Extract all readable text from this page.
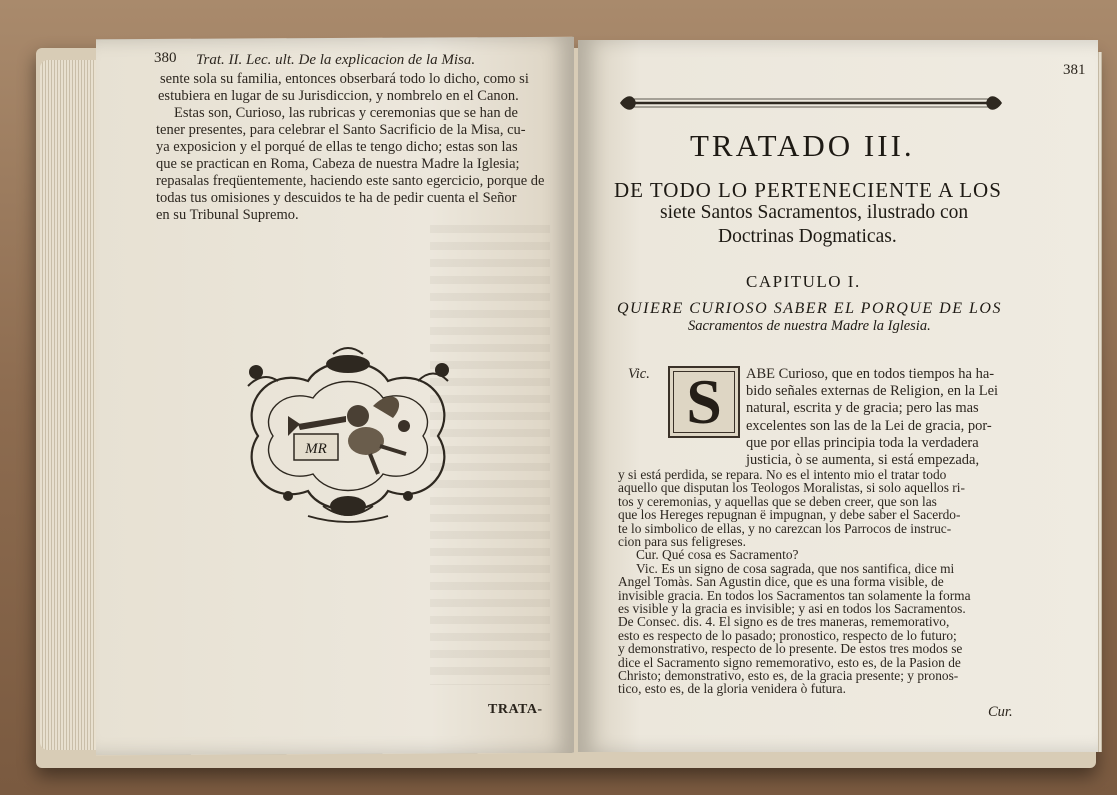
380 Trat. II. Lec. ult. De la explicacion de la Misa.
sente sola su familia, entonces obserbará todo lo dicho, como si
estubiera en lugar de su Jurisdiccion, y nombrelo en el Canon.
Estas son, Curioso, las rubricas y ceremonias que se han de
tener presentes, para celebrar el Santo Sacrificio de la Misa, cu-
ya exposicion y el porqué de ellas te tengo dicho; estas son las
que se practican en Roma, Cabeza de nuestra Madre la Iglesia;
repasalas freqüentemente, haciendo este santo egercicio, porque de
todas tus omisiones y descuidos te ha de pedir cuenta el Señor
en su Tribunal Supremo.
MR
TRATA-
381
TRATADO III.
DE TODO LO PERTENECIENTE A LOS
siete Santos Sacramentos, ilustrado con
Doctrinas Dogmaticas.
CAPITULO I.
QUIERE CURIOSO SABER EL PORQUE DE LOS
Sacramentos de nuestra Madre la Iglesia.
Vic. S	ABE Curioso, que en todos tiempos ha ha-
bido señales externas de Religion, en la Lei
natural, escrita y de gracia; pero las mas
excelentes son las de la Lei de gracia, por-
que por ellas principia toda la verdadera
justicia, ò se aumenta, si está empezada,
y si está perdida, se repara. No es el intento mio el tratar todo
aquello que disputan los Teologos Moralistas, si solo aquellos ri-
tos y ceremonias, y aquellas que se deben creer, que son las
que los Hereges repugnan ë impugnan, y debe saber el Sacerdo-
te lo simbolico de ellas, y no carezcan los Parrocos de instruc-
cion para sus feligreses.
Cur. Qué cosa es Sacramento?
Vic. Es un signo de cosa sagrada, que nos santifica, dice mi
Angel Tomàs. San Agustin dice, que es una forma visible, de
invisible gracia. En todos los Sacramentos tan solamente la forma
es visible y la gracia es invisible; y asi en todos los Sacramentos.
De Consec. dis. 4. El signo es de tres maneras, rememorativo,
esto es respecto de lo pasado; pronostico, respecto de lo futuro;
y demonstrativo, respecto de lo presente. De estos tres modos se
dice el Sacramento signo rememorativo, esto es, de la Pasion de
Christo; demonstrativo, esto es, de la gracia presente; y pronos-
tico, esto es, de la gloria venidera ò futura.
Cur.
